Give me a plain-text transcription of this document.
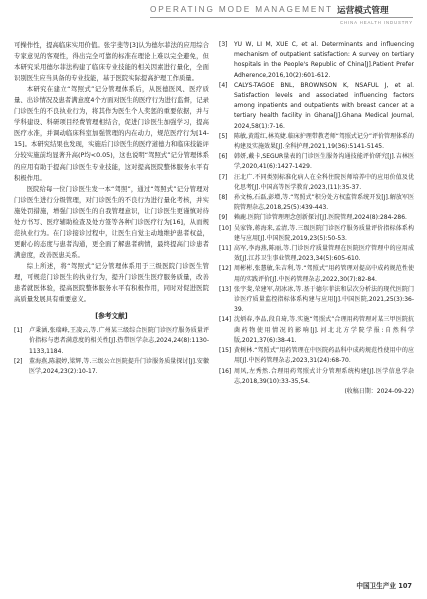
OPERATING MODE MANAGEMENT 运营模式管理
CHINA HEALTH INDUSTRY

可操作性，提高临床实用价值。张宇斐等[3]认为德尔菲法的应用综合专家意见的客观性，得出完全可靠的标准在理论上难以完全避免，但本研究采用德尔菲法构建了临床专业技能的相关因素进行量化，全面识别医生应当具备的专业技能，基于医院实际提高护理工作质量。

本研究在建立“驾照式”记分管理体系后，从医德医风、医疗质量、出诊情况及患者满意度4个方面对医生的医疗行为进行监督，记录门诊医生的不良执业行为，将其作为医生个人奖惩的重要依据，并与学科建设、科研项目经费管理相结合，促进门诊医生加强学习，提高医疗水准，并调动临床科室加强管理的内在动力，规范医疗行为[14-15]。本研究结果也发现，实施后门诊医生的医疗道德力和临床技能评分较实施前均显著升高(P均<0.05)，这也说明“驾照式”记分管理体系的应用有助于提高门诊医生专业技能，这对提高医院整体服务水平有积极作用。

医院给每一位门诊医生发一本“驾照”，通过“驾照式”记分管理对门诊医生进行分级管理，对门诊医生的不良行为进行量化考核，并实施处罚措施，增强门诊医生的自我管理意识，让门诊医生更谨慎对待处方书写、医疗辅助检查及处方签等各种门诊医疗行为[16]，从而规范执业行为。在门诊接诊过程中，让医生自觉主动地维护患者权益，更耐心的态度与患者沟通，更全面了解患者病情，最终提高门诊患者满意度，改善医患关系。

综上所述，将“驾照式”记分管理体系用于三级医院门诊医生管理，可规范门诊医生的执业行为，提升门诊医生医疗服务质量，改善患者就医体验，提高医院整体服务水平有积极作用，同时对促进医院高质量发展具有重要意义。

[参考文献]
[1] 卢秉涵,张瑞峰,王凌云,等.广州某三级综合医院门诊医疗服务质量评价指标与患者满意度的相关性[J].热带医学杂志,2024,24(8):1130-1133,1184.
[2] 董海燕,陈淑婷,梁辉,等.三级公立医院提升门诊服务质量探讨[J].安徽医学,2024,23(2):10-17.
[3] YU W, LI M, XUE C, et al. Determinants and influencing mechanism of outpatient satisfaction: A survey on tertiary hospitals in the People's Republic of China[J].Patient Prefer Adherence,2016,10(2):601-612.
[4] CALYS-TAGOE BNL, BROWNSON K, NSAFUL J, et al. Satisfaction levels and associated influencing factors among inpatients and outpatients with breast cancer at a tertiary health facility in Ghana[J].Ghana Medical Journal, 2024,58(1):7-16.
[5] 陈敏,黄霞红,林英婕.临床护理带教老师“驾照式记分”评价管理体系的构建及实施效果[J].全科护理,2021,19(36):5141-5145.
[6] 韩妍,戴卡,SEGUR量表的门诊医生服务沟通技能评价研究[J].吉林医学,2020,41(6):1427-1429.
[7] 汪北广.不同类别标准化病人在全科住院医师培养中的应用价值及优化思考[J].中国高等医学教育,2023,(11):35-37.
[8] 孙文杨,石磊,彭增,等.“驾照式”积分处方权监管系统开发[J].解放军医院管理杂志,2018,25(5):439-443.
[9] 赖鹿.医院门诊管理理念创新探讨[J].医院管理,2024(8):284-286.
[10] 吴家锋,蒋海来,孟清,等.三级医院门诊医疗服务质量评价指标体系构建与应用[J].中国医院,2019,23(5):50-53.
[11] 高军,李海燕,陈丽,等.门诊医疗质量管理在医院医疗管理中的应用成效[J].江苏卫生事业管理,2023,34(5):605-610.
[12] 周彬彬,张慧敏,朱吉利,等.“驾照式”用药管理对提高中成药规范性使用的实践评价[J].中医药管理杂志,2022,30(7):82-84.
[13] 张宇斐,荣建军,胡冰冰,等.基于德尔菲法和层次分析法的现代医院门诊医疗质量监控指标体系构建与应用[J].中国医院,2021,25(3):36-39.
[14] 沈炳春,李品,段自琦,等.实施“驾照式”合理用药管理对某三甲医院抗菌药物使用情况的影响[J].河北北方学院学报:自然科学版,2021,37(6):38-41.
[15] 黄树林.“驾照式”用药管理在中医院药品科中成药规范性使用中的应用[J].中医药管理杂志,2023,31(24):68-70.
[16] 周风,左秀然.合理用药驾照式计分管理系统构建[J].医学信息学杂志,2018,39(10):33-35,54.

(收稿日期：2024-09-22)

中国卫生产业 107
